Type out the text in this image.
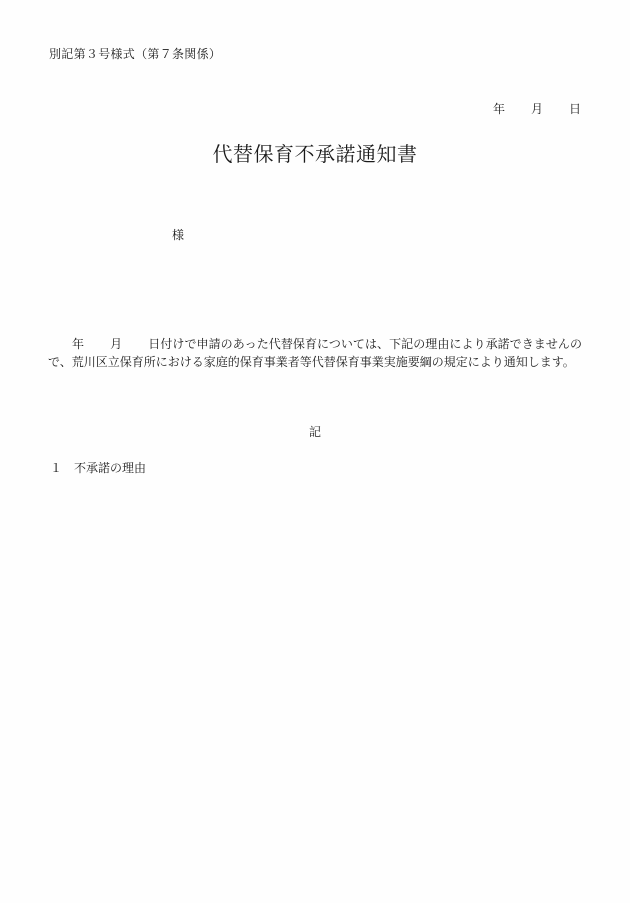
別記第３号様式（第７条関係）
年 月 日
代替保育不承諾通知書
様
年 月 日付けで申請のあった代替保育については、下記の理由により承諾できませんので、荒川区立保育所における家庭的保育事業者等代替保育事業実施要綱の規定により通知します。
記
１ 不承諾の理由
